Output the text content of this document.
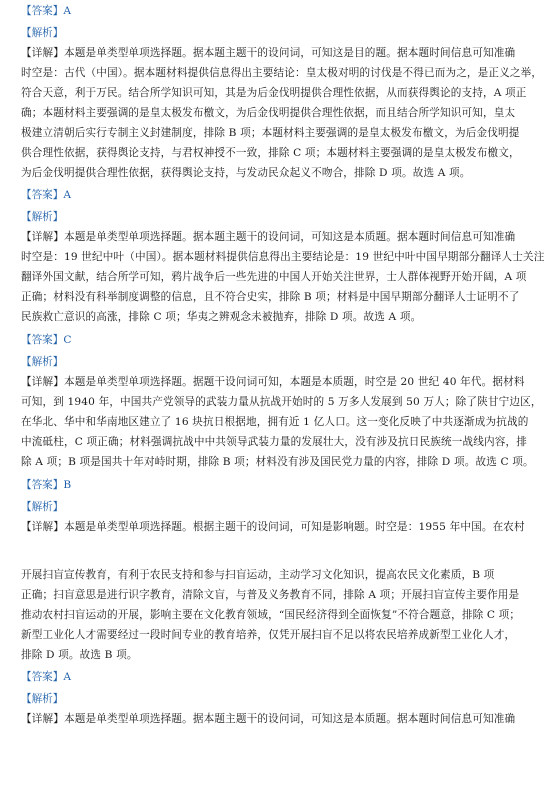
【答案】A
【解析】
【详解】本题是单类型单项选择题。据本题主题干的设问词，可知这是目的题。据本题时间信息可知准确
时空是：古代（中国）。据本题材料提供信息得出主要结论：皇太极对明的讨伐是不得已而为之，是正义之举，
符合天意，利于万民。结合所学知识可知，其是为后金伐明提供合理性依据，从而获得舆论的支持，A 项正
确；本题材料主要强调的是皇太极发布檄文，为后金伐明提供合理性依据，而且结合所学知识可知，皇太
极建立清朝后实行专制主义封建制度，排除 B 项；本题材料主要强调的是皇太极发布檄文，为后金伐明提
供合理性依据，获得舆论支持，与君权神授不一致，排除 C 项；本题材料主要强调的是皇太极发布檄文，
为后金伐明提供合理性依据，获得舆论支持，与发动民众起义不吻合，排除 D 项。故选 A 项。
【答案】A
【解析】
【详解】本题是单类型单项选择题。据本题主题干的设问词，可知这是本质题。据本题时间信息可知准确
时空是：19 世纪中叶（中国）。据本题材料提供信息得出主要结论是：19 世纪中叶中国早期部分翻译人士关注
翻译外国文献，结合所学可知，鸦片战争后一些先进的中国人开始关注世界，士人群体视野开始开阔，A 项
正确；材料没有科举制度调整的信息，且不符合史实，排除 B 项；材料是中国早期部分翻译人士证明不了
民族救亡意识的高涨，排除 C 项；华夷之辨观念未被抛弃，排除 D 项。故选 A 项。
【答案】C
【解析】
【详解】本题是单类型单项选择题。据题干设问词可知，本题是本质题，时空是 20 世纪 40 年代。据材料
可知，到 1940 年，中国共产党领导的武装力量从抗战开始时的 5 万多人发展到 50 万人；除了陕甘宁边区，
在华北、华中和华南地区建立了 16 块抗日根据地，拥有近 1 亿人口。这一变化反映了中共逐渐成为抗战的
中流砥柱，C 项正确；材料强调抗战中中共领导武装力量的发展壮大，没有涉及抗日民族统一战线内容，排
除 A 项；B 项是国共十年对峙时期，排除 B 项；材料没有涉及国民党力量的内容，排除 D 项。故选 C 项。
【答案】B
【解析】
【详解】本题是单类型单项选择题。根据主题干的设问词，可知是影响题。时空是：1955 年中国。在农村
开展扫盲宣传教育，有利于农民支持和参与扫盲运动，主动学习文化知识，提高农民文化素质，B 项
正确；扫盲意思是进行识字教育，清除文盲，与普及义务教育不同，排除 A 项；开展扫盲宣传主要作用是
推动农村扫盲运动的开展，影响主要在文化教育领域，“国民经济得到全面恢复”不符合题意，排除 C 项；
新型工业化人才需要经过一段时间专业的教育培养，仅凭开展扫盲不足以将农民培养成新型工业化人才，
排除 D 项。故选 B 项。
【答案】A
【解析】
【详解】本题是单类型单项选择题。据本题主题干的设问词，可知这是本质题。据本题时间信息可知准确
